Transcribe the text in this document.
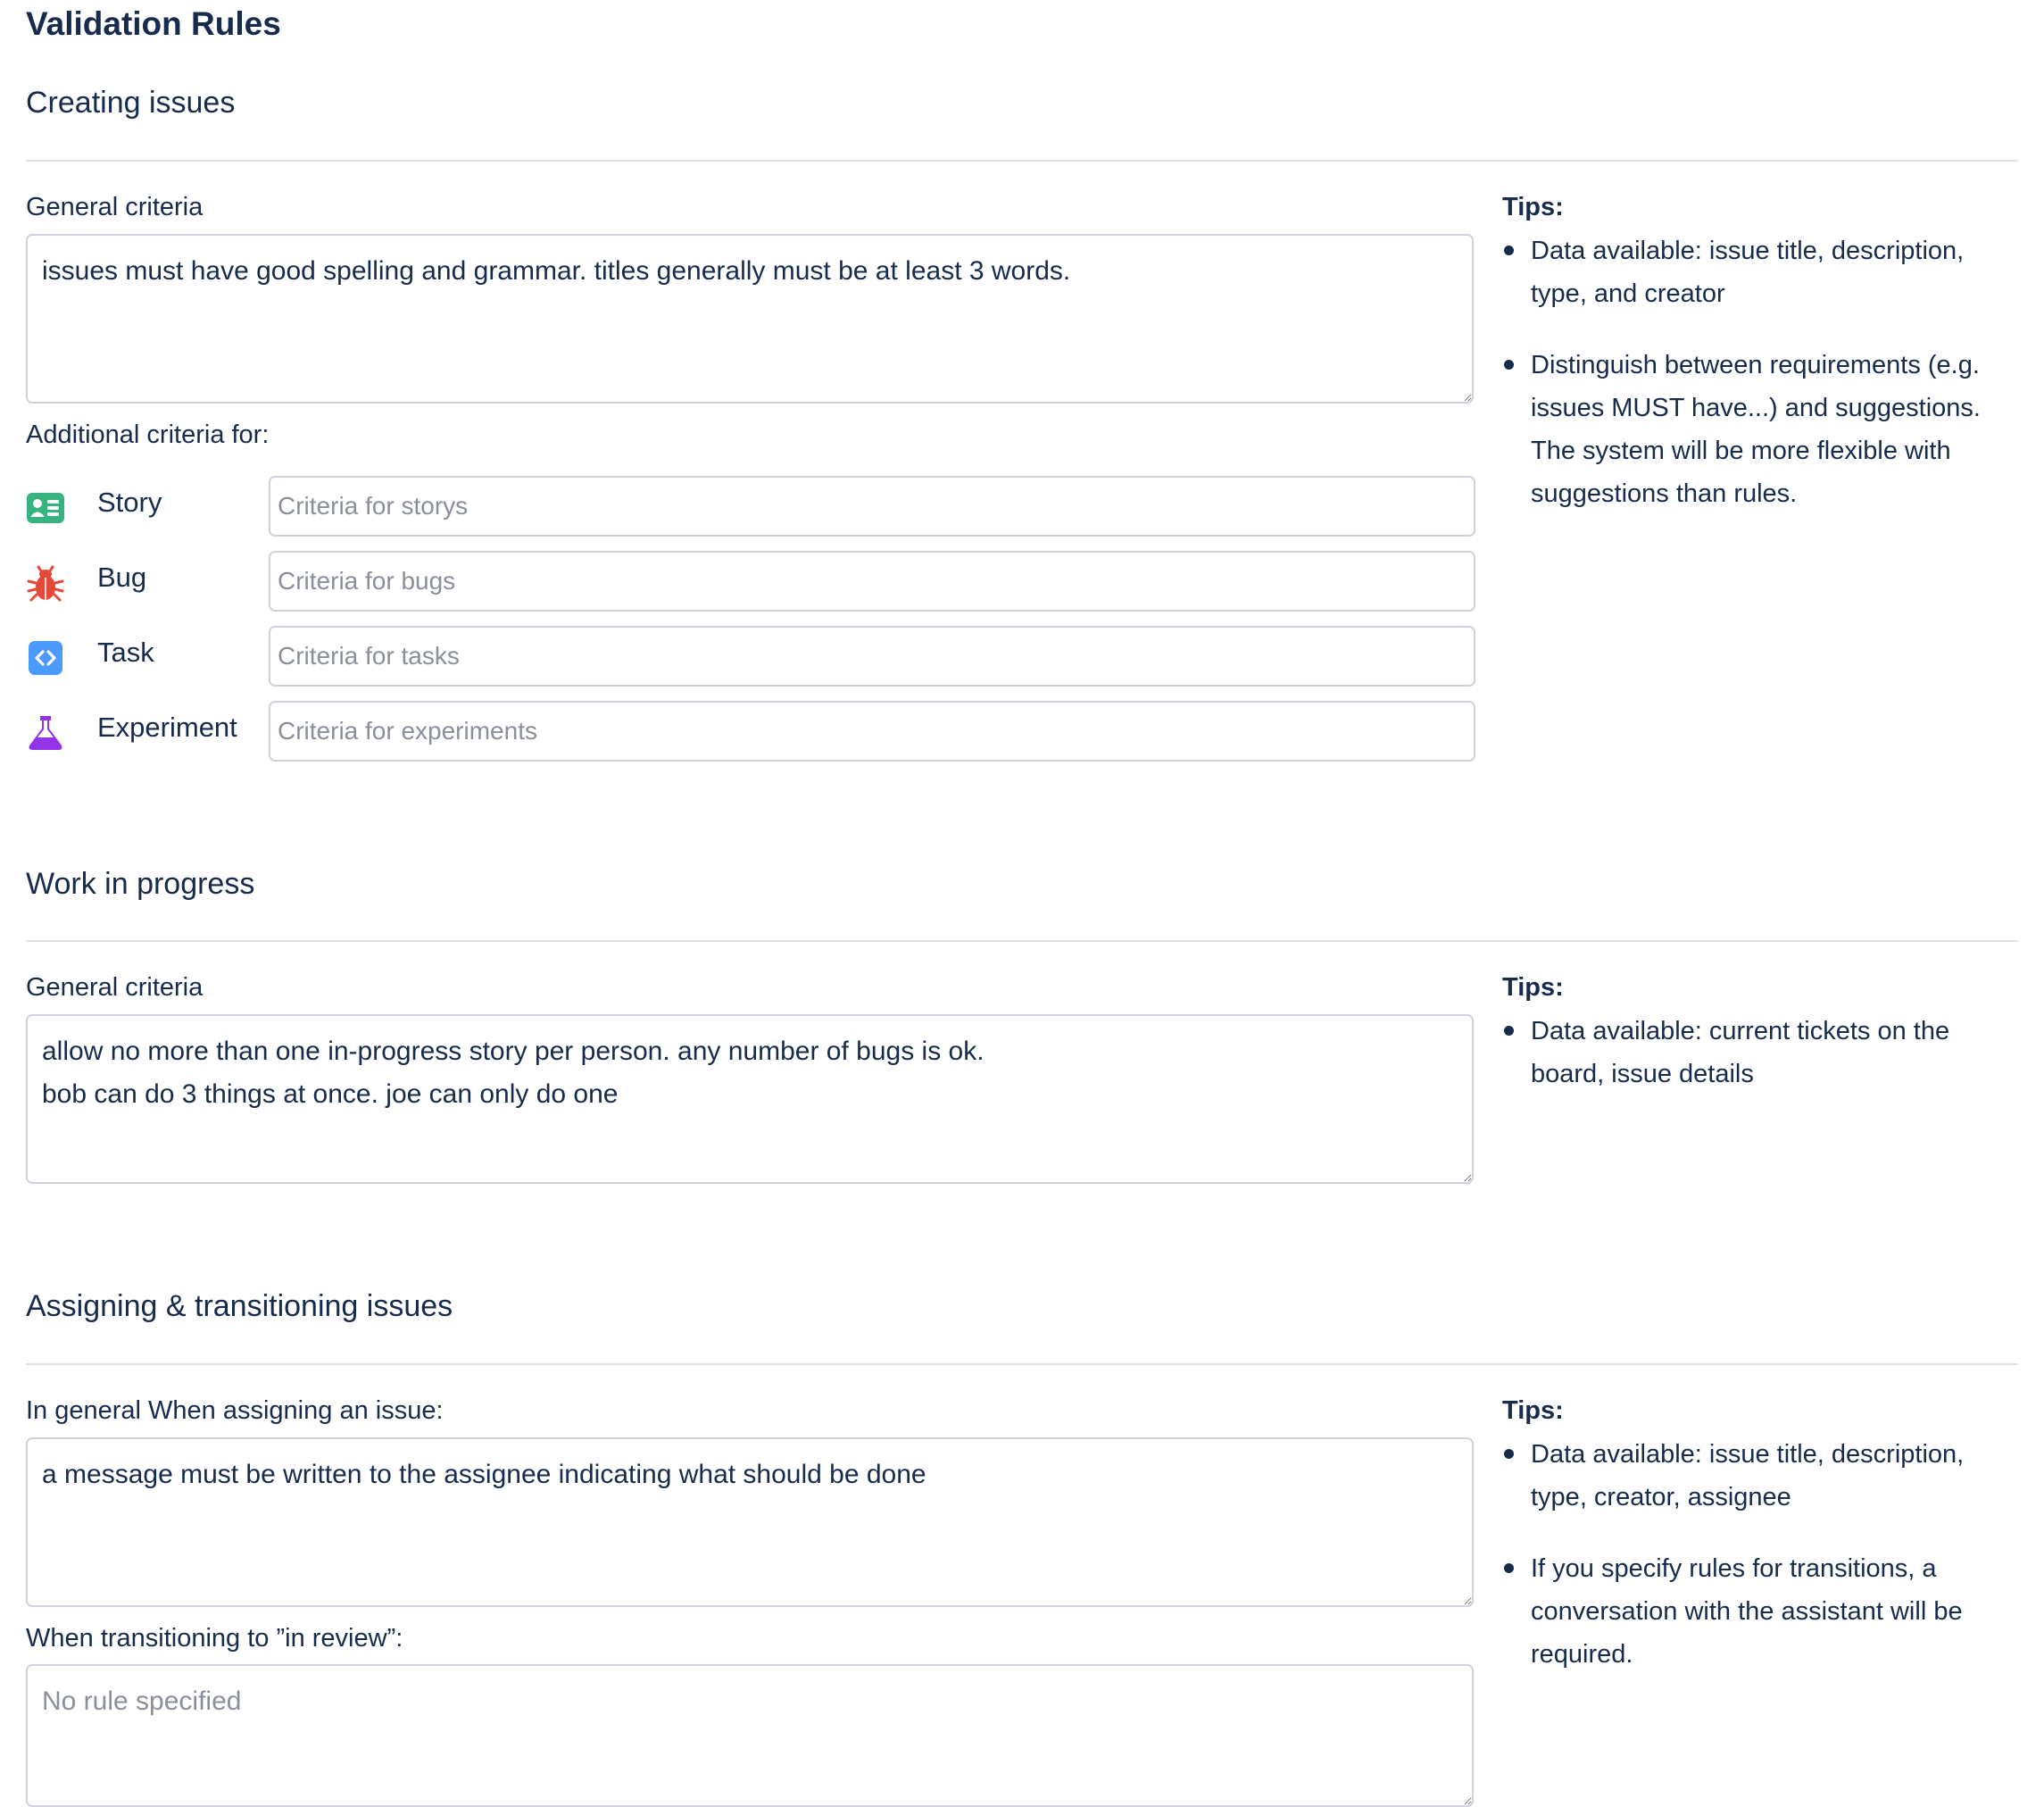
Validation Rules
Creating issues
General criteria
issues must have good spelling and grammar. titles generally must be at least 3 words.
Additional criteria for:
Story
Criteria for storys
Bug
Criteria for bugs
Task
Criteria for tasks
Experiment
Criteria for experiments
Tips:
Data available: issue title, description, type, and creator
Distinguish between requirements (e.g. issues MUST have...) and suggestions. The system will be more flexible with suggestions than rules.
Work in progress
General criteria
allow no more than one in-progress story per person. any number of bugs is ok. bob can do 3 things at once. joe can only do one	Tips:
Data available: current tickets on the board, issue details
Assigning & transitioning issues
In general When assigning an issue:
a message must be written to the assignee indicating what should be done
When transitioning to ”in review”:
No rule specified
Tips:
Data available: issue title, description, type, creator, assignee
If you specify rules for transitions, a conversation with the assistant will be required.
